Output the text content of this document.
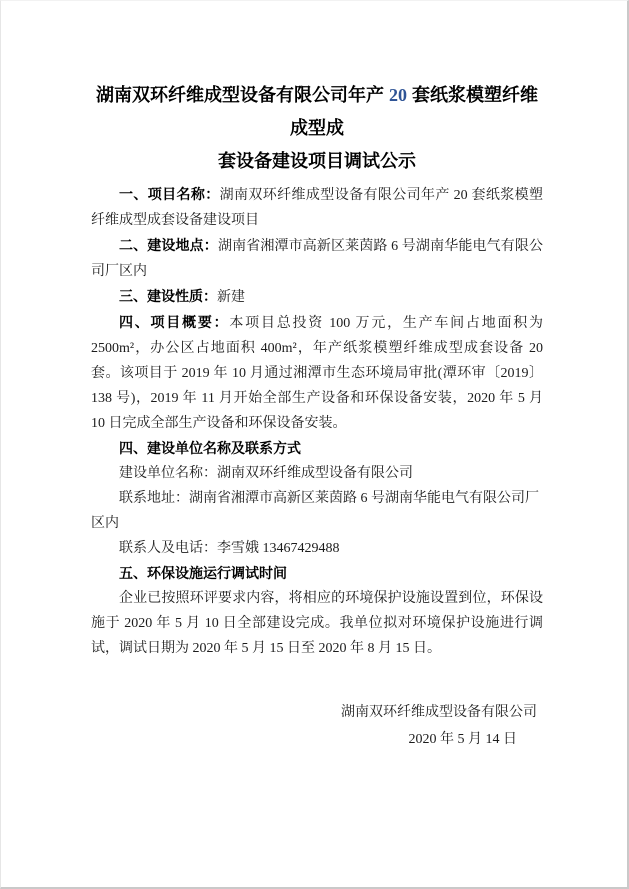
湖南双环纤维成型设备有限公司年产 20 套纸浆模塑纤维成型成
套设备建设项目调试公示

一、项目名称：湖南双环纤维成型设备有限公司年产 20 套纸浆模塑纤维成型成套设备建设项目

二、建设地点：湖南省湘潭市高新区莱茵路 6 号湖南华能电气有限公司厂区内

三、建设性质：新建

四、项目概要：本项目总投资 100 万元，生产车间占地面积为 2500m²，办公区占地面积 400m²，年产纸浆模塑纤维成型成套设备 20 套。该项目于 2019 年 10 月通过湘潭市生态环境局审批(潭环审〔2019〕138 号)，2019 年 11 月开始全部生产设备和环保设备安装，2020 年 5 月 10 日完成全部生产设备和环保设备安装。

四、建设单位名称及联系方式

建设单位名称：湖南双环纤维成型设备有限公司

联系地址：湖南省湘潭市高新区莱茵路 6 号湖南华能电气有限公司厂区内

联系人及电话：李雪娥 13467429488

五、环保设施运行调试时间

企业已按照环评要求内容，将相应的环境保护设施设置到位，环保设施于 2020 年 5 月 10 日全部建设完成。我单位拟对环境保护设施进行调试，调试日期为 2020 年 5 月 15 日至 2020 年 8 月 15 日。

湖南双环纤维成型设备有限公司
2020 年 5 月 14 日
